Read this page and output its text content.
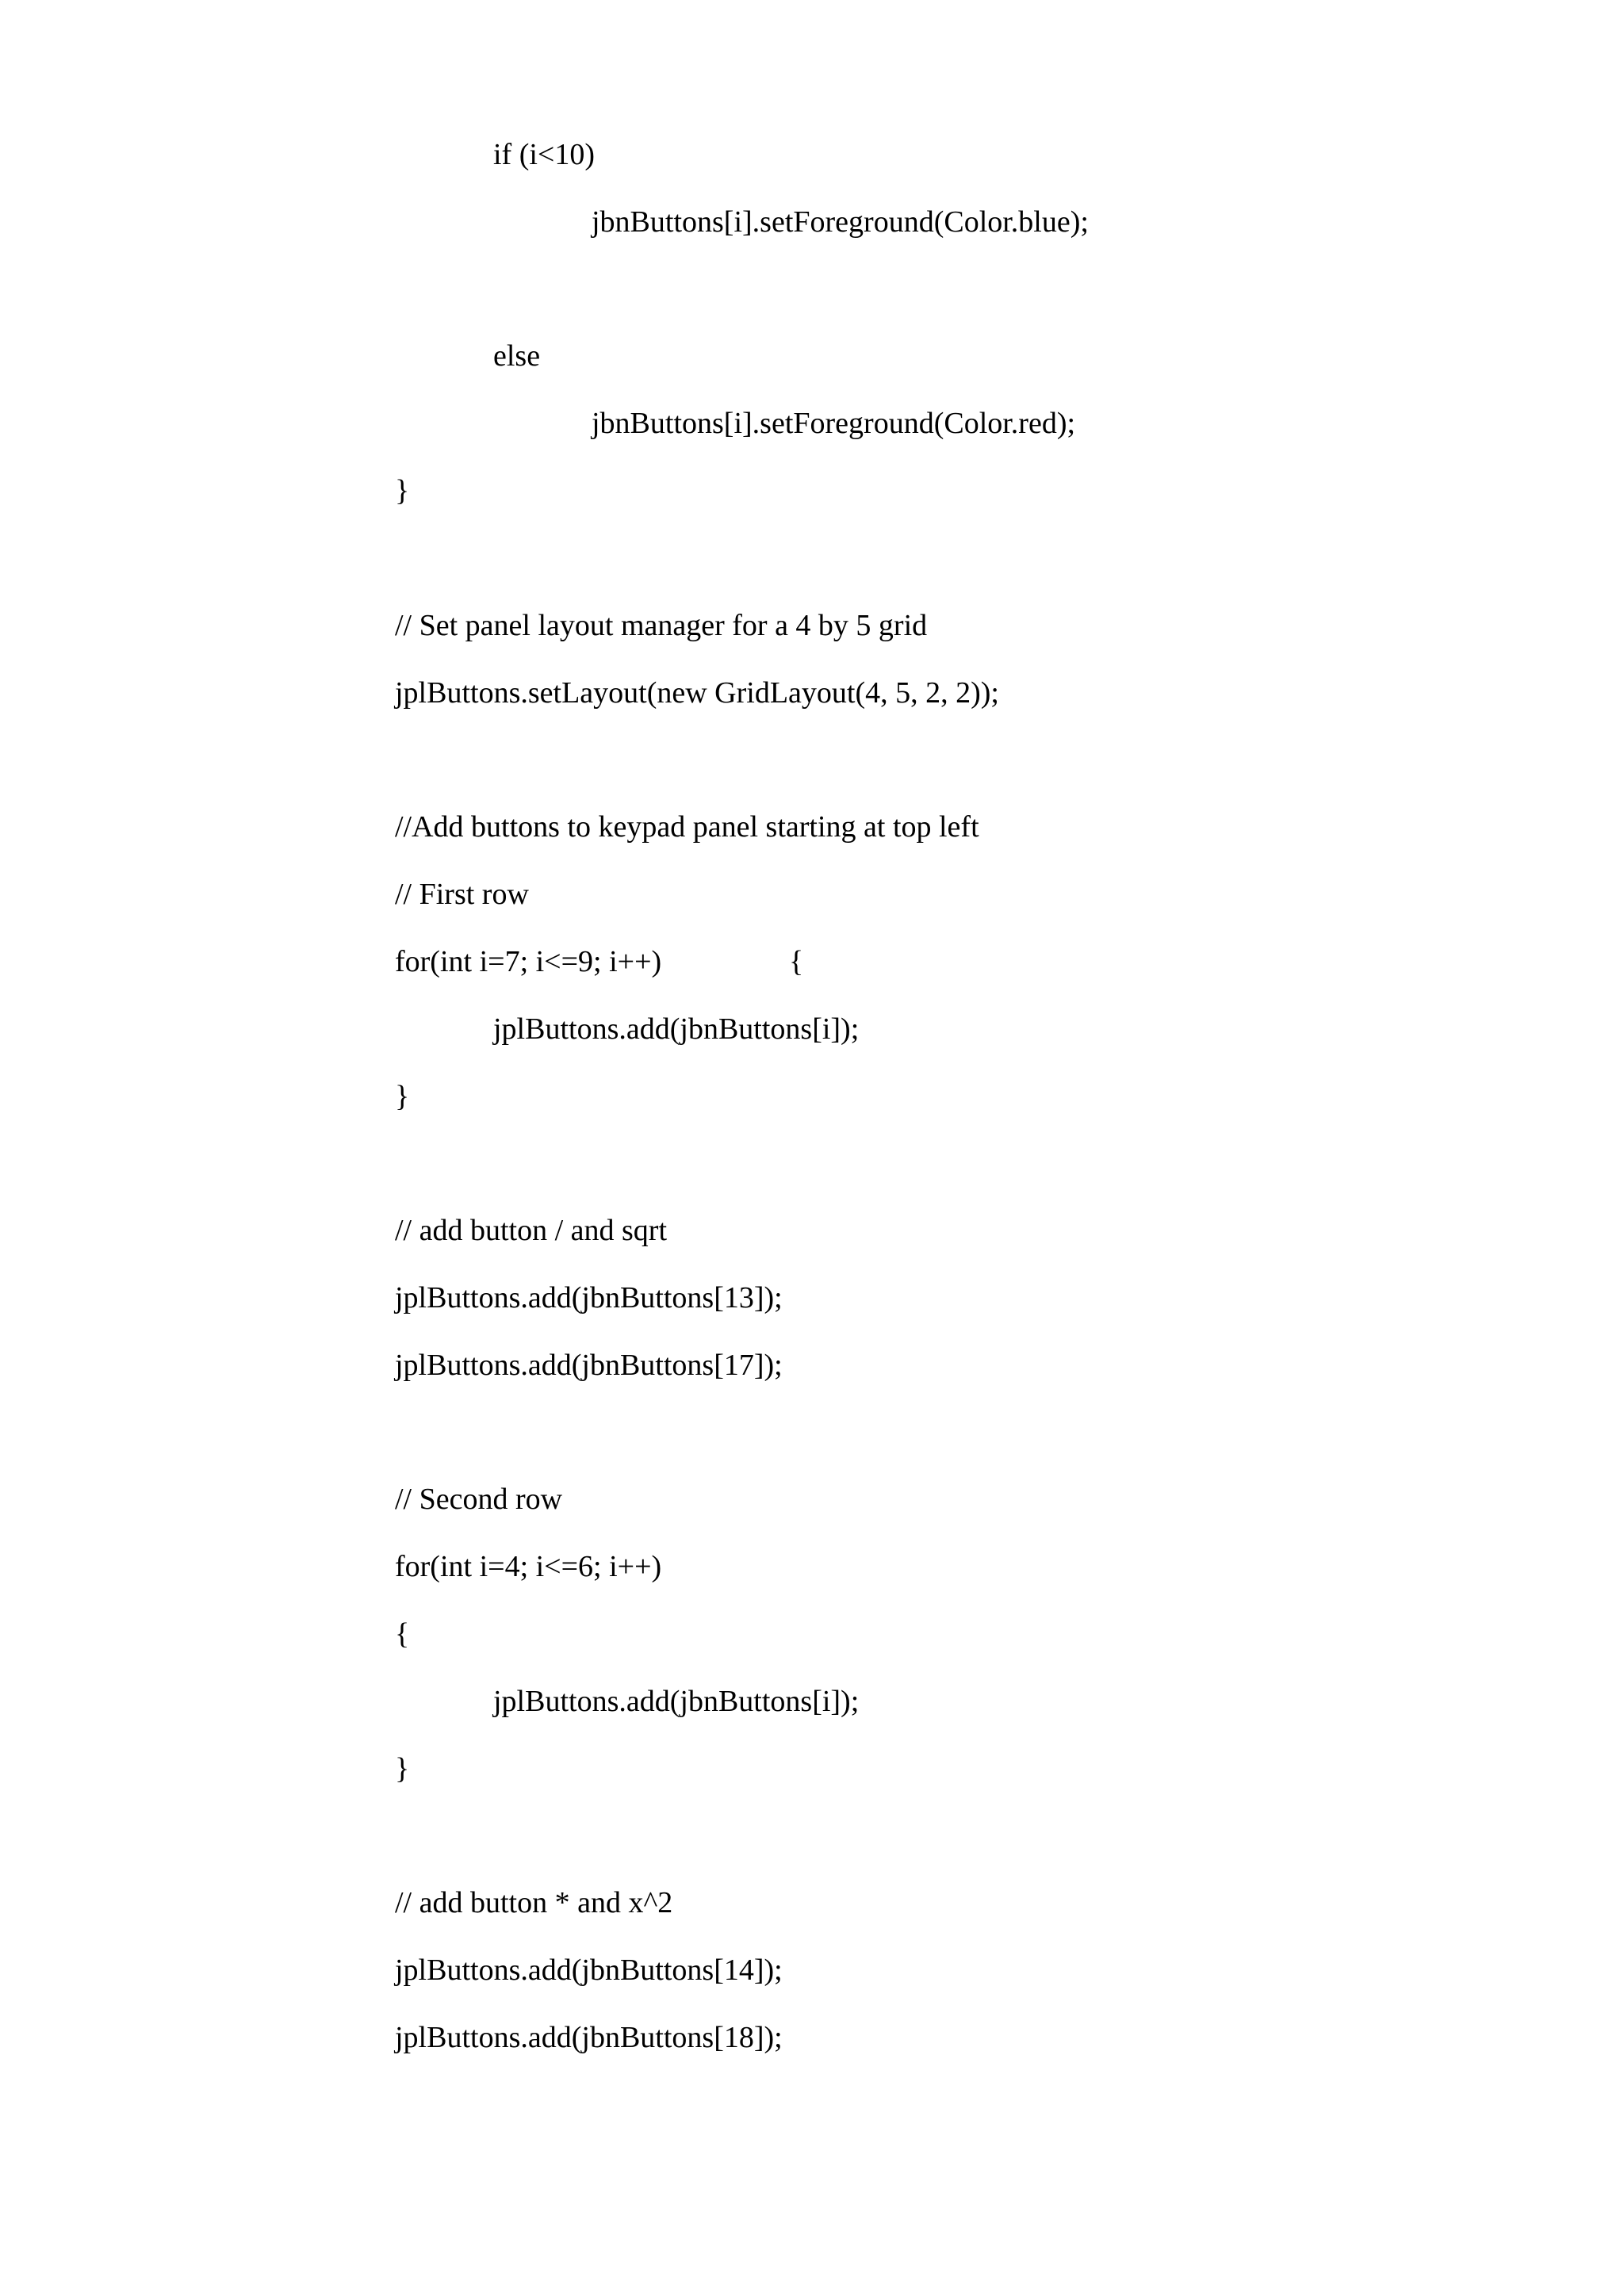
if (i<10)
jbnButtons[i].setForeground(Color.blue);
else
jbnButtons[i].setForeground(Color.red);
}
// Set panel layout manager for a 4 by 5 grid
jplButtons.setLayout(new GridLayout(4, 5, 2, 2));
//Add buttons to keypad panel starting at top left
// First row
for(int i=7; i<=9; i++)	{
jplButtons.add(jbnButtons[i]);
}
// add button / and sqrt
jplButtons.add(jbnButtons[13]);
jplButtons.add(jbnButtons[17]);
// Second row
for(int i=4; i<=6; i++)
{
jplButtons.add(jbnButtons[i]);
}
// add button * and x^2
jplButtons.add(jbnButtons[14]);
jplButtons.add(jbnButtons[18]);
